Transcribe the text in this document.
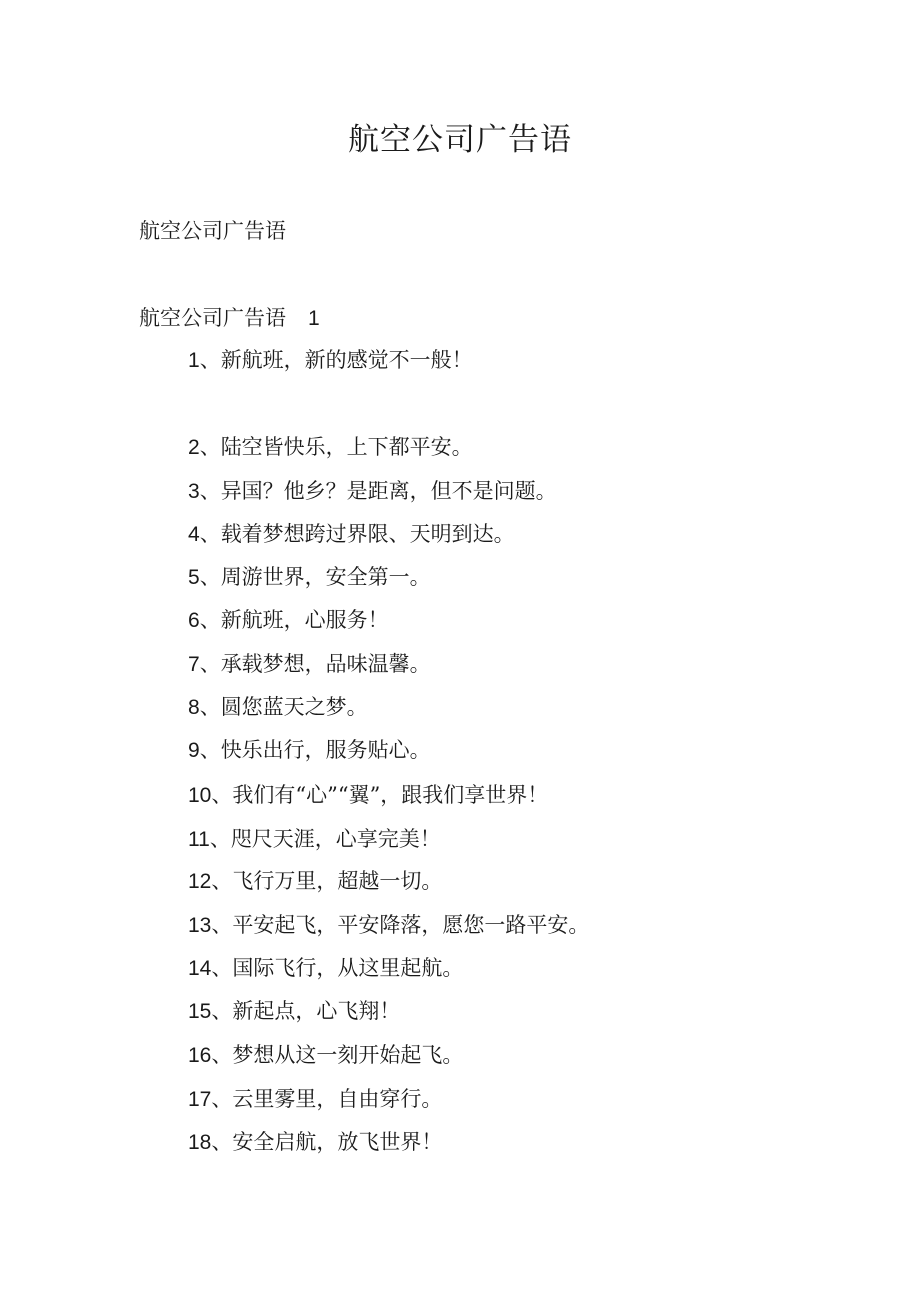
航空公司广告语
航空公司广告语
航空公司广告语 1
1、新航班，新的感觉不一般！
2、陆空皆快乐，上下都平安。
3、异国？他乡？是距离，但不是问题。
4、载着梦想跨过界限、天明到达。
5、周游世界，安全第一。
6、新航班，心服务！
7、承载梦想，品味温馨。
8、圆您蓝天之梦。
9、快乐出行，服务贴心。
10、我们有“心”“翼”，跟我们享世界！
11、咫尺天涯，心享完美！
12、飞行万里，超越一切。
13、平安起飞，平安降落，愿您一路平安。
14、国际飞行，从这里起航。
15、新起点，心飞翔！
16、梦想从这一刻开始起飞。
17、云里雾里，自由穿行。
18、安全启航，放飞世界！
